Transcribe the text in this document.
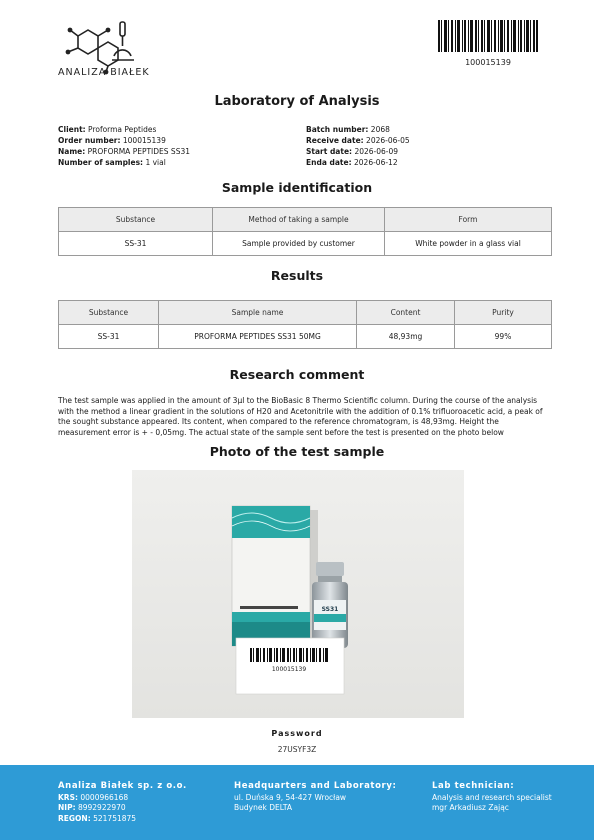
ANALIZA BIAŁEK
100015139
Laboratory of Analysis
Client: Proforma Peptides
Order number: 100015139
Name: PROFORMA PEPTIDES SS31
Number of samples: 1 vial
Batch number: 2068
Receive date: 2026-06-05
Start date: 2026-06-09
Enda date: 2026-06-12
Sample identification
Substance	Method of taking a sample	Form
SS-31	Sample provided by customer	White powder in a glass vial
Results
Substance	Sample name	Content	Purity
SS-31	PROFORMA PEPTIDES SS31 50MG	48,93mg	99%
Research comment
The test sample was applied in the amount of 3μl to the BioBasic 8 Thermo Scientific column. During the course of the analysis with the method a linear gradient in the solutions of H20 and Acetonitrile with the addition of 0.1% trifluoroacetic acid, a peak of the sought substance appeared. Its content, when compared to the reference chromatogram, is 48,93mg. Height the measurement error is + - 0,05mg. The actual state of the sample sent before the test is presented on the photo below
Photo of the test sample
SS31
100015139
Password
27USYF3Z
Analiza Białek sp. z o.o.
KRS: 0000966168
NIP: 8992922970
REGON: 521751875
Headquarters and Laboratory:
ul. Duńska 9, 54-427 Wrocław
Budynek DELTA
Lab technician:
Analysis and research specialist
mgr Arkadiusz Zając
